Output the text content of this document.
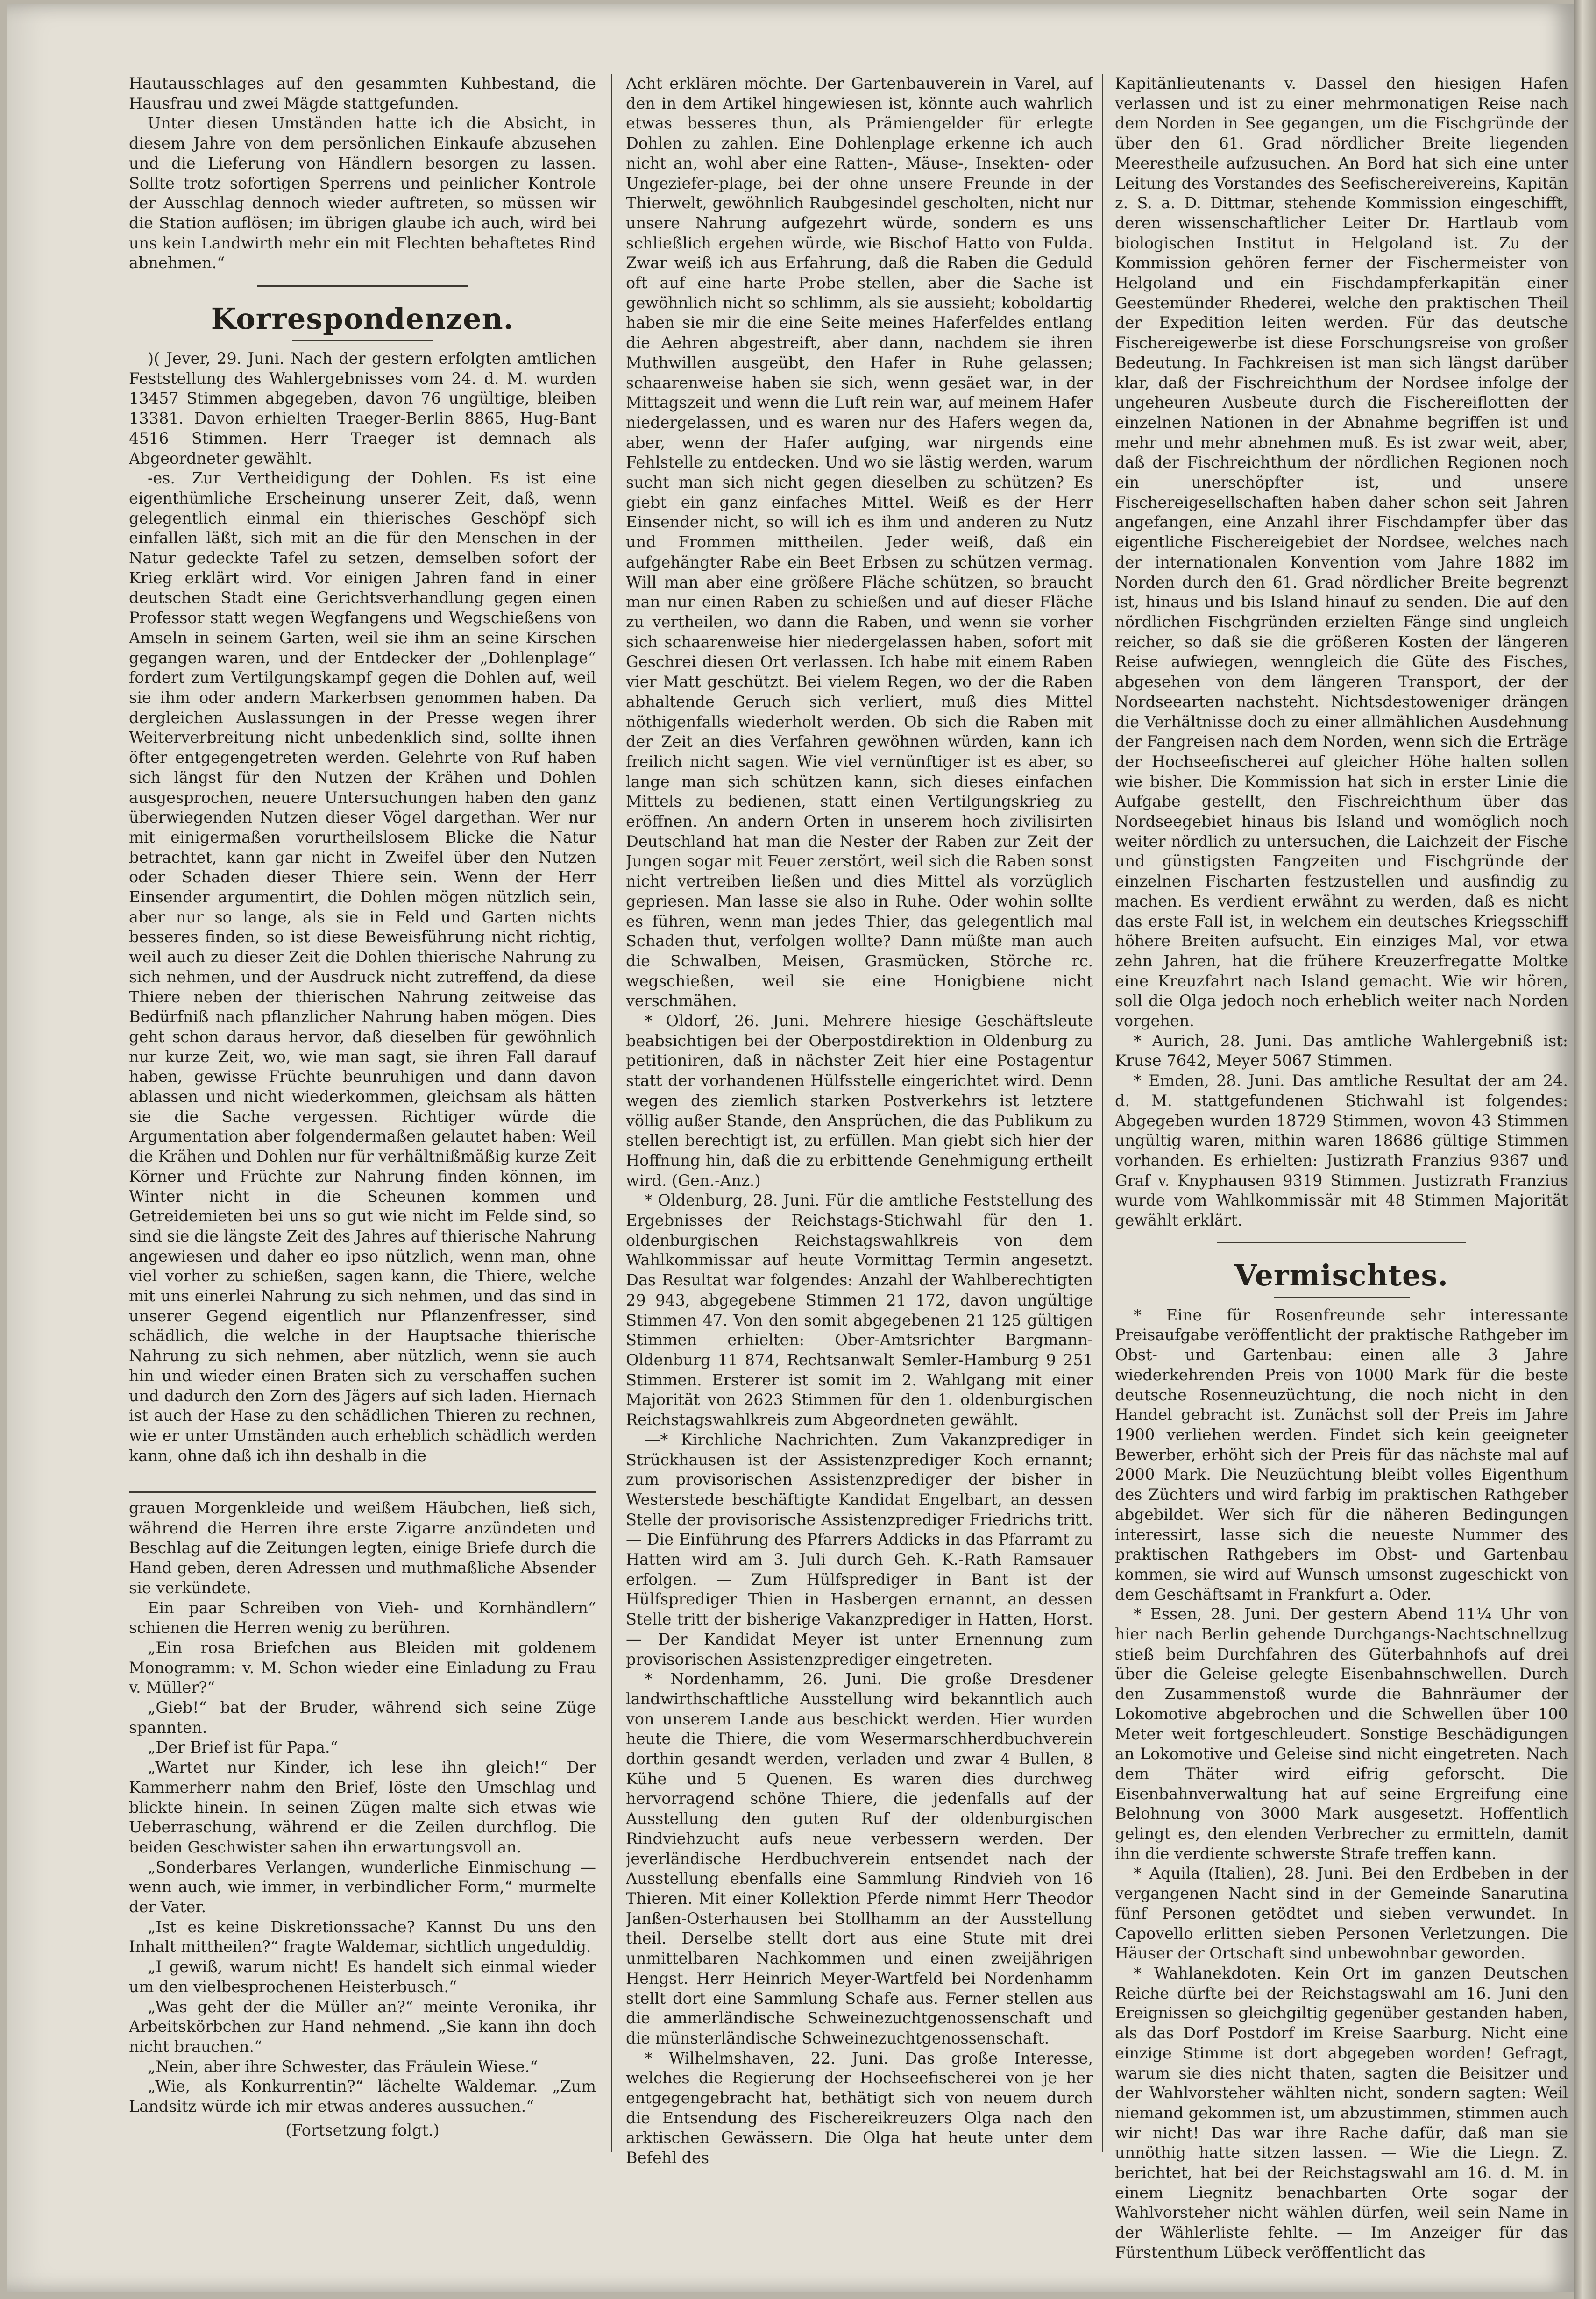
Hautausschlages auf den gesammten Kuhbestand, die Hausfrau und zwei Mägde stattgefunden.

Unter diesen Umständen hatte ich die Absicht, in diesem Jahre von dem persönlichen Einkaufe abzusehen und die Lieferung von Händlern besorgen zu lassen. Sollte trotz sofortigen Sperrens und peinlicher Kontrole der Ausschlag dennoch wieder auftreten, so müssen wir die Station auflösen; im übrigen glaube ich auch, wird bei uns kein Landwirth mehr ein mit Flechten behaftetes Rind abnehmen.“

Korrespondenzen.

)( Jever, 29. Juni. Nach der gestern erfolgten amtlichen Feststellung des Wahlergebnisses vom 24. d. M. wurden 13457 Stimmen abgegeben, davon 76 ungültige, bleiben 13381. Davon erhielten Traeger-Berlin 8865, Hug-Bant 4516 Stimmen. Herr Traeger ist demnach als Abgeordneter gewählt.

-es. Zur Vertheidigung der Dohlen. Es ist eine eigenthümliche Erscheinung unserer Zeit, daß, wenn gelegentlich einmal ein thierisches Geschöpf sich einfallen läßt, sich mit an die für den Menschen in der Natur gedeckte Tafel zu setzen, demselben sofort der Krieg erklärt wird. Vor einigen Jahren fand in einer deutschen Stadt eine Gerichtsverhandlung gegen einen Professor statt wegen Wegfangens und Wegschießens von Amseln in seinem Garten, weil sie ihm an seine Kirschen gegangen waren, und der Entdecker der „Dohlenplage“ fordert zum Vertilgungskampf gegen die Dohlen auf, weil sie ihm oder andern Markerbsen genommen haben. Da dergleichen Auslassungen in der Presse wegen ihrer Weiterverbreitung nicht unbedenklich sind, sollte ihnen öfter entgegengetreten werden. Gelehrte von Ruf haben sich längst für den Nutzen der Krähen und Dohlen ausgesprochen, neuere Untersuchungen haben den ganz überwiegenden Nutzen dieser Vögel dargethan. Wer nur mit einigermaßen vorurtheilslosem Blicke die Natur betrachtet, kann gar nicht in Zweifel über den Nutzen oder Schaden dieser Thiere sein. Wenn der Herr Einsender argumentirt, die Dohlen mögen nützlich sein, aber nur so lange, als sie in Feld und Garten nichts besseres finden, so ist diese Beweisführung nicht richtig, weil auch zu dieser Zeit die Dohlen thierische Nahrung zu sich nehmen, und der Ausdruck nicht zutreffend, da diese Thiere neben der thierischen Nahrung zeitweise das Bedürfniß nach pflanzlicher Nahrung haben mögen. Dies geht schon daraus hervor, daß dieselben für gewöhnlich nur kurze Zeit, wo, wie man sagt, sie ihren Fall darauf haben, gewisse Früchte beunruhigen und dann davon ablassen und nicht wiederkommen, gleichsam als hätten sie die Sache vergessen. Richtiger würde die Argumentation aber folgendermaßen gelautet haben: Weil die Krähen und Dohlen nur für verhältnißmäßig kurze Zeit Körner und Früchte zur Nahrung finden können, im Winter nicht in die Scheunen kommen und Getreidemieten bei uns so gut wie nicht im Felde sind, so sind sie die längste Zeit des Jahres auf thierische Nahrung angewiesen und daher eo ipso nützlich, wenn man, ohne viel vorher zu schießen, sagen kann, die Thiere, welche mit uns einerlei Nahrung zu sich nehmen, und das sind in unserer Gegend eigentlich nur Pflanzenfresser, sind schädlich, die welche in der Hauptsache thierische Nahrung zu sich nehmen, aber nützlich, wenn sie auch hin und wieder einen Braten sich zu verschaffen suchen und dadurch den Zorn des Jägers auf sich laden. Hiernach ist auch der Hase zu den schädlichen Thieren zu rechnen, wie er unter Umständen auch erheblich schädlich werden kann, ohne daß ich ihn deshalb in die

grauen Morgenkleide und weißem Häubchen, ließ sich, während die Herren ihre erste Zigarre anzündeten und Beschlag auf die Zeitungen legten, einige Briefe durch die Hand geben, deren Adressen und muthmaßliche Absender sie verkündete.

Ein paar Schreiben von Vieh- und Kornhändlern“ schienen die Herren wenig zu berühren.

„Ein rosa Briefchen aus Bleiden mit goldenem Monogramm: v. M. Schon wieder eine Einladung zu Frau v. Müller?“

„Gieb!“ bat der Bruder, während sich seine Züge spannten.

„Der Brief ist für Papa.“

„Wartet nur Kinder, ich lese ihn gleich!“ Der Kammerherr nahm den Brief, löste den Umschlag und blickte hinein. In seinen Zügen malte sich etwas wie Ueberraschung, während er die Zeilen durchflog. Die beiden Geschwister sahen ihn erwartungsvoll an.

„Sonderbares Verlangen, wunderliche Einmischung — wenn auch, wie immer, in verbindlicher Form,“ murmelte der Vater.

„Ist es keine Diskretionssache? Kannst Du uns den Inhalt mittheilen?“ fragte Waldemar, sichtlich ungeduldig.

„I gewiß, warum nicht! Es handelt sich einmal wieder um den vielbesprochenen Heisterbusch.“

„Was geht der die Müller an?“ meinte Veronika, ihr Arbeitskörbchen zur Hand nehmend. „Sie kann ihn doch nicht brauchen.“

„Nein, aber ihre Schwester, das Fräulein Wiese.“

„Wie, als Konkurrentin?“ lächelte Waldemar. „Zum Landsitz würde ich mir etwas anderes aussuchen.“

(Fortsetzung folgt.)

Acht erklären möchte. Der Gartenbauverein in Varel, auf den in dem Artikel hingewiesen ist, könnte auch wahrlich etwas besseres thun, als Prämiengelder für erlegte Dohlen zu zahlen. Eine Dohlenplage erkenne ich auch nicht an, wohl aber eine Ratten-, Mäuse-, Insekten- oder Ungeziefer-plage, bei der ohne unsere Freunde in der Thierwelt, gewöhnlich Raubgesindel gescholten, nicht nur unsere Nahrung aufgezehrt würde, sondern es uns schließlich ergehen würde, wie Bischof Hatto von Fulda. Zwar weiß ich aus Erfahrung, daß die Raben die Geduld oft auf eine harte Probe stellen, aber die Sache ist gewöhnlich nicht so schlimm, als sie aussieht; koboldartig haben sie mir die eine Seite meines Haferfeldes entlang die Aehren abgestreift, aber dann, nachdem sie ihren Muthwillen ausgeübt, den Hafer in Ruhe gelassen; schaarenweise haben sie sich, wenn gesäet war, in der Mittagszeit und wenn die Luft rein war, auf meinem Hafer niedergelassen, und es waren nur des Hafers wegen da, aber, wenn der Hafer aufging, war nirgends eine Fehlstelle zu entdecken. Und wo sie lästig werden, warum sucht man sich nicht gegen dieselben zu schützen? Es giebt ein ganz einfaches Mittel. Weiß es der Herr Einsender nicht, so will ich es ihm und anderen zu Nutz und Frommen mittheilen. Jeder weiß, daß ein aufgehängter Rabe ein Beet Erbsen zu schützen vermag. Will man aber eine größere Fläche schützen, so braucht man nur einen Raben zu schießen und auf dieser Fläche zu vertheilen, wo dann die Raben, und wenn sie vorher sich schaarenweise hier niedergelassen haben, sofort mit Geschrei diesen Ort verlassen. Ich habe mit einem Raben vier Matt geschützt. Bei vielem Regen, wo der die Raben abhaltende Geruch sich verliert, muß dies Mittel nöthigenfalls wiederholt werden. Ob sich die Raben mit der Zeit an dies Verfahren gewöhnen würden, kann ich freilich nicht sagen. Wie viel vernünftiger ist es aber, so lange man sich schützen kann, sich dieses einfachen Mittels zu bedienen, statt einen Vertilgungskrieg zu eröffnen. An andern Orten in unserem hoch zivilisirten Deutschland hat man die Nester der Raben zur Zeit der Jungen sogar mit Feuer zerstört, weil sich die Raben sonst nicht vertreiben ließen und dies Mittel als vorzüglich gepriesen. Man lasse sie also in Ruhe. Oder wohin sollte es führen, wenn man jedes Thier, das gelegentlich mal Schaden thut, verfolgen wollte? Dann müßte man auch die Schwalben, Meisen, Grasmücken, Störche rc. wegschießen, weil sie eine Honigbiene nicht verschmähen.

* Oldorf, 26. Juni. Mehrere hiesige Geschäftsleute beabsichtigen bei der Oberpostdirektion in Oldenburg zu petitioniren, daß in nächster Zeit hier eine Postagentur statt der vorhandenen Hülfsstelle eingerichtet wird. Denn wegen des ziemlich starken Postverkehrs ist letztere völlig außer Stande, den Ansprüchen, die das Publikum zu stellen berechtigt ist, zu erfüllen. Man giebt sich hier der Hoffnung hin, daß die zu erbittende Genehmigung ertheilt wird. (Gen.-Anz.)

* Oldenburg, 28. Juni. Für die amtliche Feststellung des Ergebnisses der Reichstags-Stichwahl für den 1. oldenburgischen Reichstagswahlkreis von dem Wahlkommissar auf heute Vormittag Termin angesetzt. Das Resultat war folgendes: Anzahl der Wahlberechtigten 29 943, abgegebene Stimmen 21 172, davon ungültige Stimmen 47. Von den somit abgegebenen 21 125 gültigen Stimmen erhielten: Ober-Amtsrichter Bargmann-Oldenburg 11 874, Rechtsanwalt Semler-Hamburg 9 251 Stimmen. Ersterer ist somit im 2. Wahlgang mit einer Majorität von 2623 Stimmen für den 1. oldenburgischen Reichstagswahlkreis zum Abgeordneten gewählt.

—* Kirchliche Nachrichten. Zum Vakanzprediger in Strückhausen ist der Assistenzprediger Koch ernannt; zum provisorischen Assistenzprediger der bisher in Westerstede beschäftigte Kandidat Engelbart, an dessen Stelle der provisorische Assistenzprediger Friedrichs tritt. — Die Einführung des Pfarrers Addicks in das Pfarramt zu Hatten wird am 3. Juli durch Geh. K.-Rath Ramsauer erfolgen. — Zum Hülfsprediger in Bant ist der Hülfsprediger Thien in Hasbergen ernannt, an dessen Stelle tritt der bisherige Vakanzprediger in Hatten, Horst. — Der Kandidat Meyer ist unter Ernennung zum provisorischen Assistenzprediger eingetreten.

* Nordenhamm, 26. Juni. Die große Dresdener landwirthschaftliche Ausstellung wird bekanntlich auch von unserem Lande aus beschickt werden. Hier wurden heute die Thiere, die vom Wesermarschherdbuchverein dorthin gesandt werden, verladen und zwar 4 Bullen, 8 Kühe und 5 Quenen. Es waren dies durchweg hervorragend schöne Thiere, die jedenfalls auf der Ausstellung den guten Ruf der oldenburgischen Rindviehzucht aufs neue verbessern werden. Der jeverländische Herdbuchverein entsendet nach der Ausstellung ebenfalls eine Sammlung Rindvieh von 16 Thieren. Mit einer Kollektion Pferde nimmt Herr Theodor Janßen-Osterhausen bei Stollhamm an der Ausstellung theil. Derselbe stellt dort aus eine Stute mit drei unmittelbaren Nachkommen und einen zweijährigen Hengst. Herr Heinrich Meyer-Wartfeld bei Nordenhamm stellt dort eine Sammlung Schafe aus. Ferner stellen aus die ammerländische Schweinezuchtgenossenschaft und die münsterländische Schweinezuchtgenossenschaft.

* Wilhelmshaven, 22. Juni. Das große Interesse, welches die Regierung der Hochseefischerei von je her entgegengebracht hat, bethätigt sich von neuem durch die Entsendung des Fischereikreuzers Olga nach den arktischen Gewässern. Die Olga hat heute unter dem Befehl des

Kapitänlieutenants v. Dassel den hiesigen Hafen verlassen und ist zu einer mehrmonatigen Reise nach dem Norden in See gegangen, um die Fischgründe der über den 61. Grad nördlicher Breite liegenden Meerestheile aufzusuchen. An Bord hat sich eine unter Leitung des Vorstandes des Seefischereivereins, Kapitän z. S. a. D. Dittmar, stehende Kommission eingeschifft, deren wissenschaftlicher Leiter Dr. Hartlaub vom biologischen Institut in Helgoland ist. Zu der Kommission gehören ferner der Fischermeister von Helgoland und ein Fischdampferkapitän einer Geestemünder Rhederei, welche den praktischen Theil der Expedition leiten werden. Für das deutsche Fischereigewerbe ist diese Forschungsreise von großer Bedeutung. In Fachkreisen ist man sich längst darüber klar, daß der Fischreichthum der Nordsee infolge der ungeheuren Ausbeute durch die Fischereiflotten der einzelnen Nationen in der Abnahme begriffen ist und mehr und mehr abnehmen muß. Es ist zwar weit, aber, daß der Fischreichthum der nördlichen Regionen noch ein unerschöpfter ist, und unsere Fischereigesellschaften haben daher schon seit Jahren angefangen, eine Anzahl ihrer Fischdampfer über das eigentliche Fischereigebiet der Nordsee, welches nach der internationalen Konvention vom Jahre 1882 im Norden durch den 61. Grad nördlicher Breite begrenzt ist, hinaus und bis Island hinauf zu senden. Die auf den nördlichen Fischgründen erzielten Fänge sind ungleich reicher, so daß sie die größeren Kosten der längeren Reise aufwiegen, wenngleich die Güte des Fisches, abgesehen von dem längeren Transport, der der Nordseearten nachsteht. Nichtsdestoweniger drängen die Verhältnisse doch zu einer allmählichen Ausdehnung der Fangreisen nach dem Norden, wenn sich die Erträge der Hochseefischerei auf gleicher Höhe halten sollen wie bisher. Die Kommission hat sich in erster Linie die Aufgabe gestellt, den Fischreichthum über das Nordseegebiet hinaus bis Island und womöglich noch weiter nördlich zu untersuchen, die Laichzeit der Fische und günstigsten Fangzeiten und Fischgründe der einzelnen Fischarten festzustellen und ausfindig zu machen. Es verdient erwähnt zu werden, daß es nicht das erste Fall ist, in welchem ein deutsches Kriegsschiff höhere Breiten aufsucht. Ein einziges Mal, vor etwa zehn Jahren, hat die frühere Kreuzerfregatte Moltke eine Kreuzfahrt nach Island gemacht. Wie wir hören, soll die Olga jedoch noch erheblich weiter nach Norden vorgehen.

* Aurich, 28. Juni. Das amtliche Wahlergebniß ist: Kruse 7642, Meyer 5067 Stimmen.

* Emden, 28. Juni. Das amtliche Resultat der am 24. d. M. stattgefundenen Stichwahl ist folgendes: Abgegeben wurden 18729 Stimmen, wovon 43 Stimmen ungültig waren, mithin waren 18686 gültige Stimmen vorhanden. Es erhielten: Justizrath Franzius 9367 und Graf v. Knyphausen 9319 Stimmen. Justizrath Franzius wurde vom Wahlkommissär mit 48 Stimmen Majorität gewählt erklärt.

Vermischtes.

* Eine für Rosenfreunde sehr interessante Preisaufgabe veröffentlicht der praktische Rathgeber im Obst- und Gartenbau: einen alle 3 Jahre wiederkehrenden Preis von 1000 Mark für die beste deutsche Rosenneuzüchtung, die noch nicht in den Handel gebracht ist. Zunächst soll der Preis im Jahre 1900 verliehen werden. Findet sich kein geeigneter Bewerber, erhöht sich der Preis für das nächste mal auf 2000 Mark. Die Neuzüchtung bleibt volles Eigenthum des Züchters und wird farbig im praktischen Rathgeber abgebildet. Wer sich für die näheren Bedingungen interessirt, lasse sich die neueste Nummer des praktischen Rathgebers im Obst- und Gartenbau kommen, sie wird auf Wunsch umsonst zugeschickt von dem Geschäftsamt in Frankfurt a. Oder.

* Essen, 28. Juni. Der gestern Abend 11¼ Uhr von hier nach Berlin gehende Durchgangs-Nachtschnellzug stieß beim Durchfahren des Güterbahnhofs auf drei über die Geleise gelegte Eisenbahnschwellen. Durch den Zusammenstoß wurde die Bahnräumer der Lokomotive abgebrochen und die Schwellen über 100 Meter weit fortgeschleudert. Sonstige Beschädigungen an Lokomotive und Geleise sind nicht eingetreten. Nach dem Thäter wird eifrig geforscht. Die Eisenbahnverwaltung hat auf seine Ergreifung eine Belohnung von 3000 Mark ausgesetzt. Hoffentlich gelingt es, den elenden Verbrecher zu ermitteln, damit ihn die verdiente schwerste Strafe treffen kann.

* Aquila (Italien), 28. Juni. Bei den Erdbeben in der vergangenen Nacht sind in der Gemeinde Sanarutina fünf Personen getödtet und sieben verwundet. In Capovello erlitten sieben Personen Verletzungen. Die Häuser der Ortschaft sind unbewohnbar geworden.

* Wahlanekdoten. Kein Ort im ganzen Deutschen Reiche dürfte bei der Reichstagswahl am 16. Juni den Ereignissen so gleichgiltig gegenüber gestanden haben, als das Dorf Postdorf im Kreise Saarburg. Nicht eine einzige Stimme ist dort abgegeben worden! Gefragt, warum sie dies nicht thaten, sagten die Beisitzer und der Wahlvorsteher wählten nicht, sondern sagten: Weil niemand gekommen ist, um abzustimmen, stimmen auch wir nicht! Das war ihre Rache dafür, daß man sie unnöthig hatte sitzen lassen. — Wie die Liegn. Z. berichtet, hat bei der Reichstagswahl am 16. d. M. in einem Liegnitz benachbarten Orte sogar der Wahlvorsteher nicht wählen dürfen, weil sein Name in der Wählerliste fehlte. — Im Anzeiger für das Fürstenthum Lübeck veröffentlicht das
